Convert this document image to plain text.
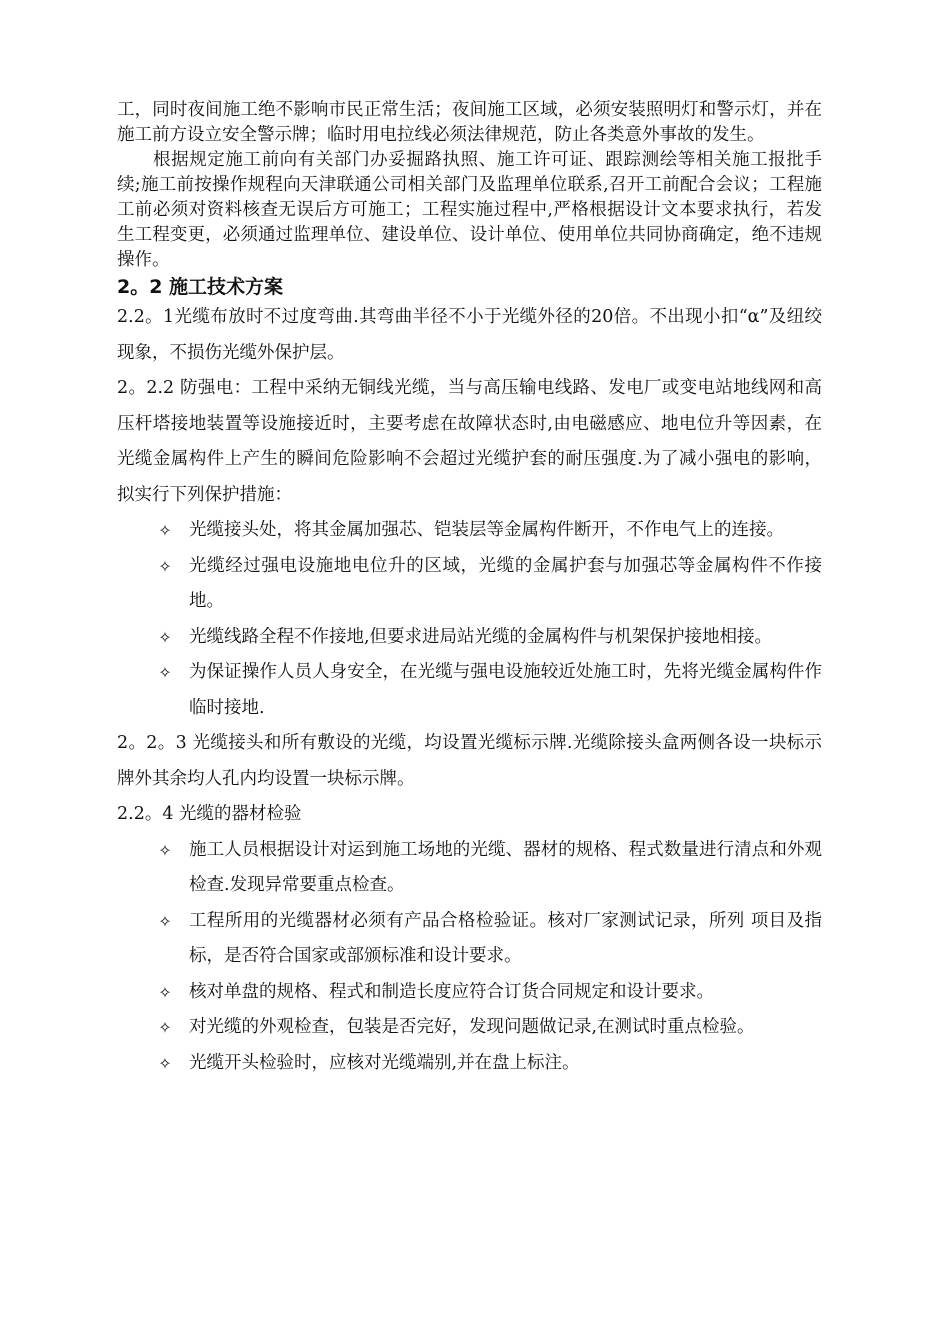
工，同时夜间施工绝不影响市民正常生活；夜间施工区域，必须安装照明灯和警示灯，并在施工前方设立安全警示牌；临时用电拉线必须法律规范，防止各类意外事故的发生。

根据规定施工前向有关部门办妥掘路执照、施工许可证、跟踪测绘等相关施工报批手续;施工前按操作规程向天津联通公司相关部门及监理单位联系,召开工前配合会议；工程施工前必须对资料核查无误后方可施工；工程实施过程中,严格根据设计文本要求执行，若发生工程变更，必须通过监理单位、建设单位、设计单位、使用单位共同协商确定，绝不违规操作。

2。2 施工技术方案

2.2。1光缆布放时不过度弯曲.其弯曲半径不小于光缆外径的20倍。不出现小扣“α”及纽绞现象，不损伤光缆外保护层。

2。2.2 防强电：工程中采纳无铜线光缆，当与高压输电线路、发电厂或变电站地线网和高压杆塔接地装置等设施接近时，主要考虑在故障状态时,由电磁感应、地电位升等因素，在光缆金属构件上产生的瞬间危险影响不会超过光缆护套的耐压强度.为了减小强电的影响，拟实行下列保护措施：

✧ 光缆接头处，将其金属加强芯、铠装层等金属构件断开，不作电气上的连接。
✧ 光缆经过强电设施地电位升的区域，光缆的金属护套与加强芯等金属构件不作接地。
✧ 光缆线路全程不作接地,但要求进局站光缆的金属构件与机架保护接地相接。
✧ 为保证操作人员人身安全，在光缆与强电设施较近处施工时，先将光缆金属构件作临时接地.

2。2。3 光缆接头和所有敷设的光缆，均设置光缆标示牌.光缆除接头盒两侧各设一块标示牌外其余均人孔内均设置一块标示牌。

2.2。4 光缆的器材检验

✧ 施工人员根据设计对运到施工场地的光缆、器材的规格、程式数量进行清点和外观检查.发现异常要重点检查。
✧ 工程所用的光缆器材必须有产品合格检验证。核对厂家测试记录，所列 项目及指标，是否符合国家或部颁标准和设计要求。
✧ 核对单盘的规格、程式和制造长度应符合订货合同规定和设计要求。
✧ 对光缆的外观检查，包装是否完好，发现问题做记录,在测试时重点检验。
✧ 光缆开头检验时，应核对光缆端别,并在盘上标注。
